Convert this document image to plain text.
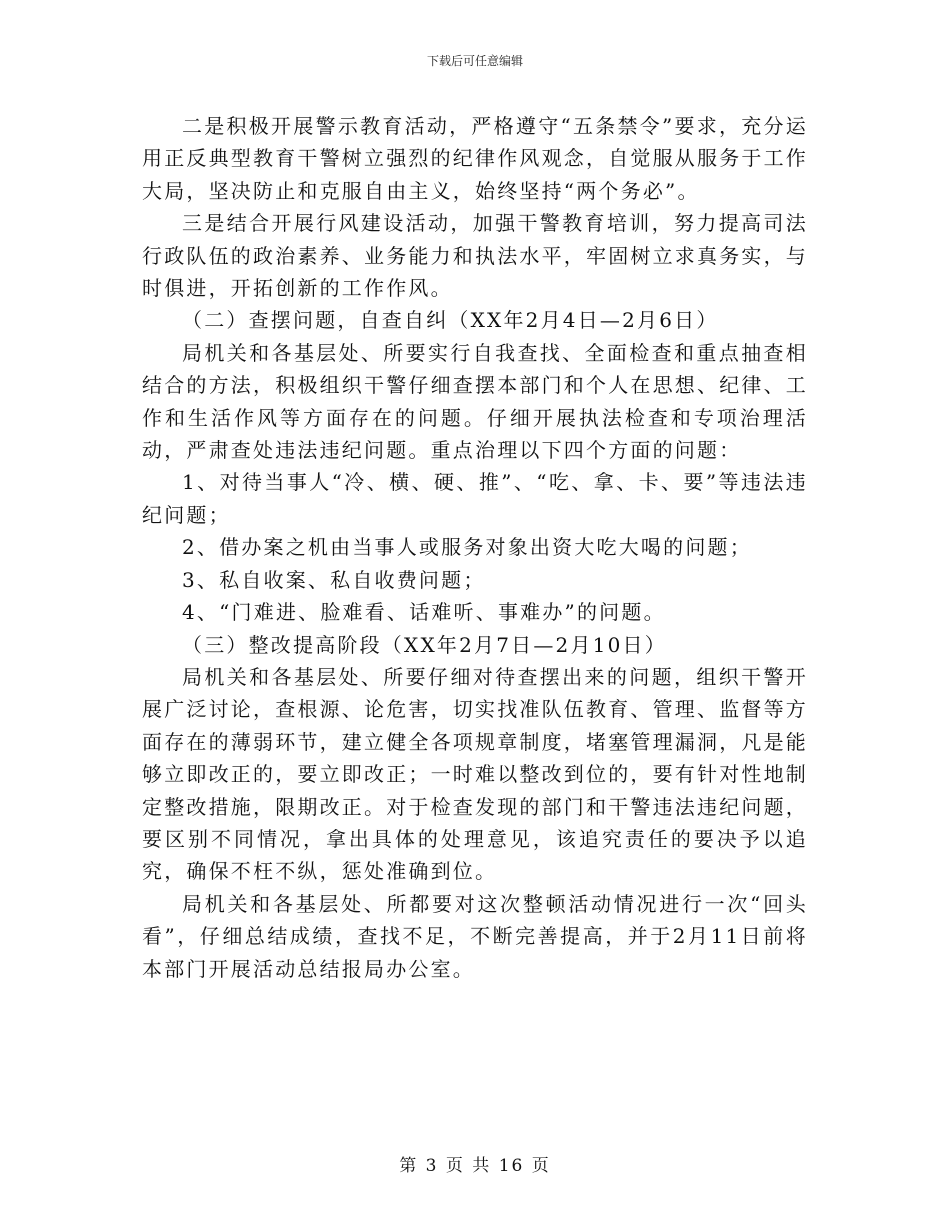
下载后可任意编辑

二是积极开展警示教育活动，严格遵守“五条禁令”要求，充分运用正反典型教育干警树立强烈的纪律作风观念，自觉服从服务于工作大局，坚决防止和克服自由主义，始终坚持“两个务必”。

三是结合开展行风建设活动，加强干警教育培训，努力提高司法行政队伍的政治素养、业务能力和执法水平，牢固树立求真务实，与时俱进，开拓创新的工作作风。

（二）查摆问题，自查自纠（XX年2月4日—2月6日）

局机关和各基层处、所要实行自我查找、全面检查和重点抽查相结合的方法，积极组织干警仔细查摆本部门和个人在思想、纪律、工作和生活作风等方面存在的问题。仔细开展执法检查和专项治理活动，严肃查处违法违纪问题。重点治理以下四个方面的问题：

1、对待当事人“冷、横、硬、推”、“吃、拿、卡、要”等违法违纪问题；

2、借办案之机由当事人或服务对象出资大吃大喝的问题；

3、私自收案、私自收费问题；

4、“门难进、脸难看、话难听、事难办”的问题。

（三）整改提高阶段（XX年2月7日—2月10日）

局机关和各基层处、所要仔细对待查摆出来的问题，组织干警开展广泛讨论，查根源、论危害，切实找准队伍教育、管理、监督等方面存在的薄弱环节，建立健全各项规章制度，堵塞管理漏洞，凡是能够立即改正的，要立即改正；一时难以整改到位的，要有针对性地制定整改措施，限期改正。对于检查发现的部门和干警违法违纪问题，要区别不同情况，拿出具体的处理意见，该追究责任的要决予以追究，确保不枉不纵，惩处准确到位。

局机关和各基层处、所都要对这次整顿活动情况进行一次“回头看”，仔细总结成绩，查找不足，不断完善提高，并于2月11日前将本部门开展活动总结报局办公室。

第 3 页 共 16 页
